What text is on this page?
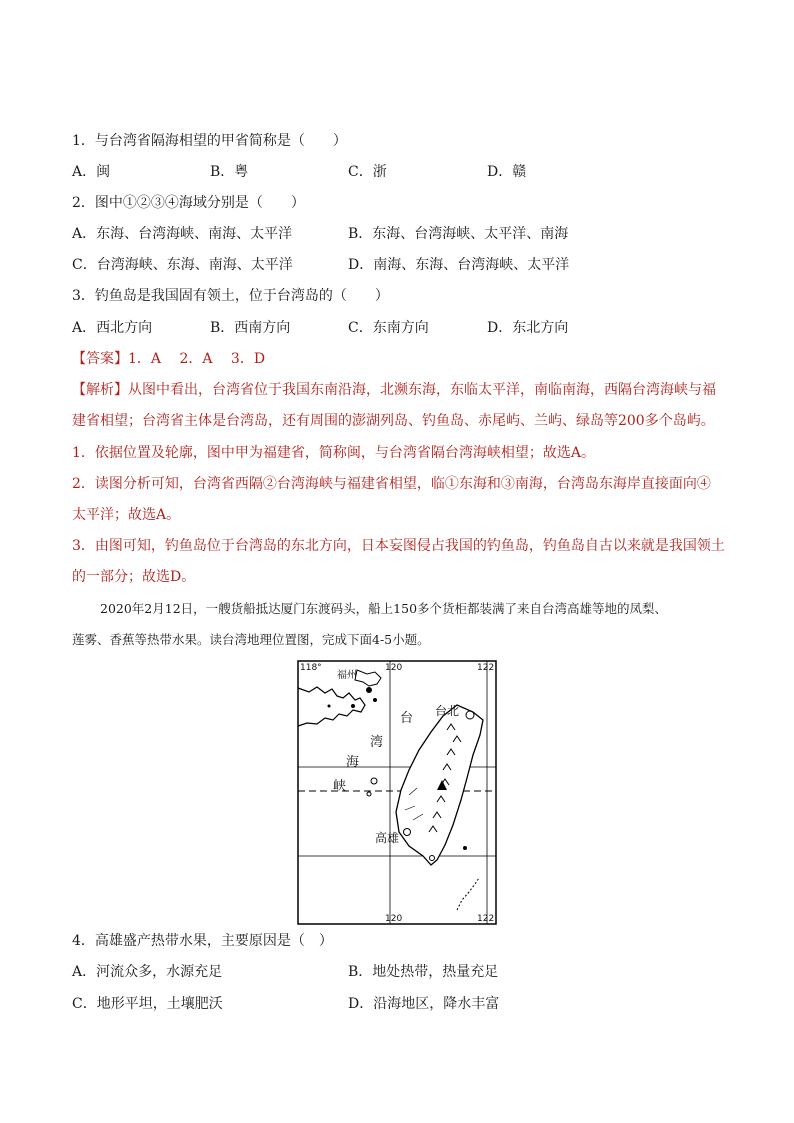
1．与台湾省隔海相望的甲省简称是（　　）
A．闽	B．粤	C．浙	D．赣
2．图中①②③④海域分别是（　　）
A．东海、台湾海峡、南海、太平洋	B．东海、台湾海峡、太平洋、南海
C．台湾海峡、东海、南海、太平洋	D．南海、东海、台湾海峡、太平洋
3．钓鱼岛是我国固有领土，位于台湾岛的（　　）
A．西北方向	B．西南方向	C．东南方向	D．东北方向
【答案】1．A　 2．A　 3．D
【解析】从图中看出，台湾省位于我国东南沿海，北濒东海，东临太平洋，南临南海，西隔台湾海峡与福
建省相望；台湾省主体是台湾岛，还有周围的澎湖列岛、钓鱼岛、赤尾屿、兰屿、绿岛等200多个岛屿。
1．依据位置及轮廓，图中甲为福建省，简称闽，与台湾省隔台湾海峡相望；故选A。
2．读图分析可知，台湾省西隔②台湾海峡与福建省相望，临①东海和③南海，台湾岛东海岸直接面向④
太平洋；故选A。
3．由图可知，钓鱼岛位于台湾岛的东北方向，日本妄图侵占我国的钓鱼岛，钓鱼岛自古以来就是我国领土
的一部分；故选D。
2020年2月12日，一艘货船抵达厦门东渡码头，船上150多个货柜都装满了来自台湾高雄等地的凤梨、
莲雾、香蕉等热带水果。读台湾地理位置图，完成下面4-5小题。
118°	120	122
120	122
福州
台北
高雄
台
湾
海
峡
4．高雄盛产热带水果，主要原因是（　）
A．河流众多，水源充足	B．地处热带，热量充足
C．地形平坦，土壤肥沃	D．沿海地区，降水丰富
